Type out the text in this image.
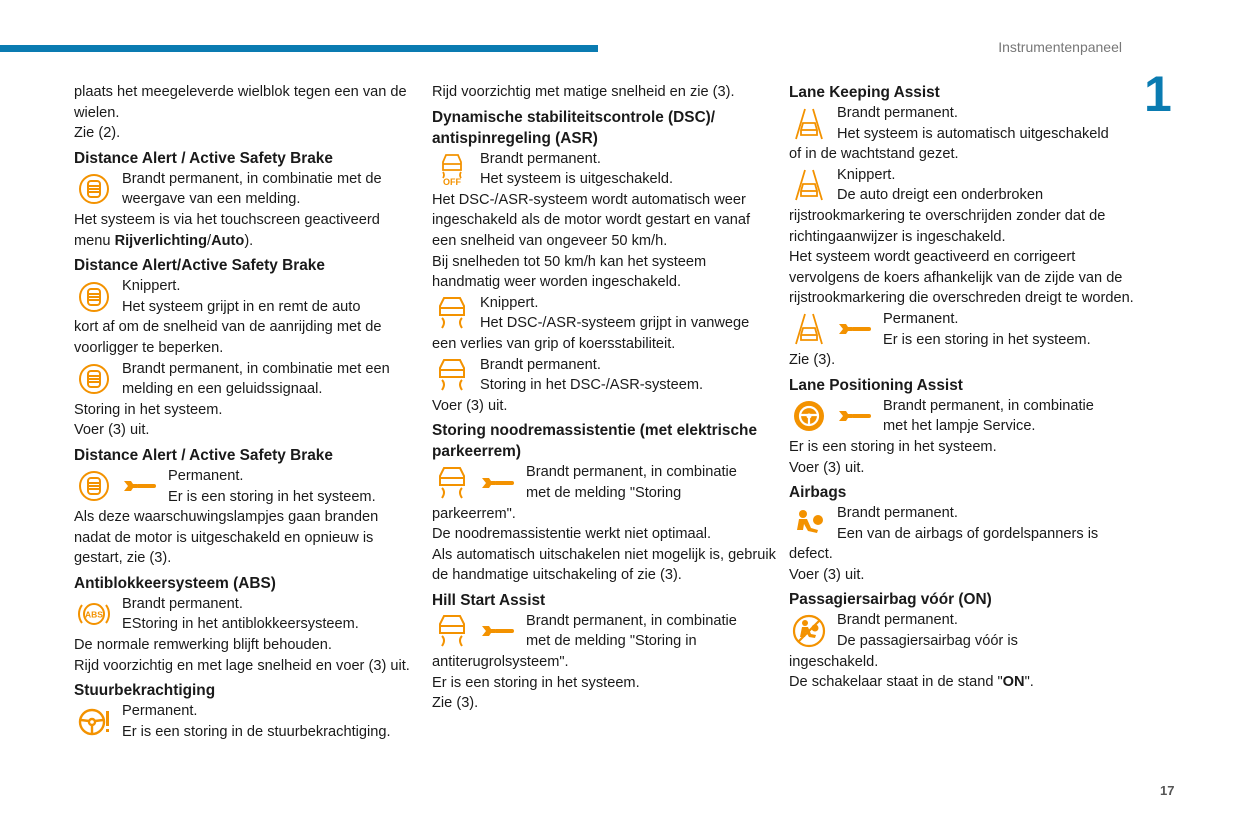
Instrumentenpaneel
1
17

plaats het meegeleverde wielblok tegen een van de wielen.

Zie (2).

Distance Alert / Active Safety Brake
Brandt permanent, in combinatie met de
weergave van een melding.

Het systeem is via het touchscreen geactiveerd menu Rijverlichting/Auto).

Distance Alert/Active Safety Brake
Knippert.
Het systeem grijpt in en remt de auto

kort af om de snelheid van de aanrijding met de voorligger te beperken.

Brandt permanent, in combinatie met een
melding en een geluidssignaal.

Storing in het systeem.

Voer (3) uit.

Distance Alert / Active Safety Brake
Permanent.
Er is een storing in het systeem.

Als deze waarschuwingslampjes gaan branden nadat de motor is uitgeschakeld en opnieuw is gestart, zie (3).

Antiblokkeersysteem (ABS)
ABS
Brandt permanent.
EStoring in het antiblokkeersysteem.

De normale remwerking blijft behouden.

Rijd voorzichtig en met lage snelheid en voer (3) uit.

Stuurbekrachtiging
Permanent.
Er is een storing in de stuurbekrachtiging.

Rijd voorzichtig met matige snelheid en zie (3).

Dynamische stabiliteitscontrole (DSC)/ antispinregeling (ASR)
OFF
Brandt permanent.
Het systeem is uitgeschakeld.

Het DSC-/ASR-systeem wordt automatisch weer ingeschakeld als de motor wordt gestart en vanaf een snelheid van ongeveer 50 km/h.

Bij snelheden tot 50 km/h kan het systeem handmatig weer worden ingeschakeld.

Knippert.
Het DSC-/ASR-systeem grijpt in vanwege

een verlies van grip of koersstabiliteit.

Brandt permanent.
Storing in het DSC-/ASR-systeem.

Voer (3) uit.

Storing noodremassistentie (met elektrische parkeerrem)
Brandt permanent, in combinatie
met de melding "Storing

parkeerrem".

De noodremassistentie werkt niet optimaal.

Als automatisch uitschakelen niet mogelijk is, gebruik de handmatige uitschakeling of zie (3).

Hill Start Assist
Brandt permanent, in combinatie
met de melding "Storing in

antiterugrolsysteem".

Er is een storing in het systeem.

Zie (3).

Lane Keeping Assist
Brandt permanent.
Het systeem is automatisch uitgeschakeld

of in de wachtstand gezet.

Knippert.
De auto dreigt een onderbroken

rijstrookmarkering te overschrijden zonder dat de richtingaanwijzer is ingeschakeld.

Het systeem wordt geactiveerd en corrigeert vervolgens de koers afhankelijk van de zijde van de rijstrookmarkering die overschreden dreigt te worden.

Permanent.
Er is een storing in het systeem.

Zie (3).

Lane Positioning Assist
Brandt permanent, in combinatie
met het lampje Service.

Er is een storing in het systeem.

Voer (3) uit.

Airbags
Brandt permanent.
Een van de airbags of gordelspanners is

defect.

Voer (3) uit.

Passagiersairbag vóór (ON)
Brandt permanent.
De passagiersairbag vóór is

ingeschakeld.

De schakelaar staat in de stand "ON".
